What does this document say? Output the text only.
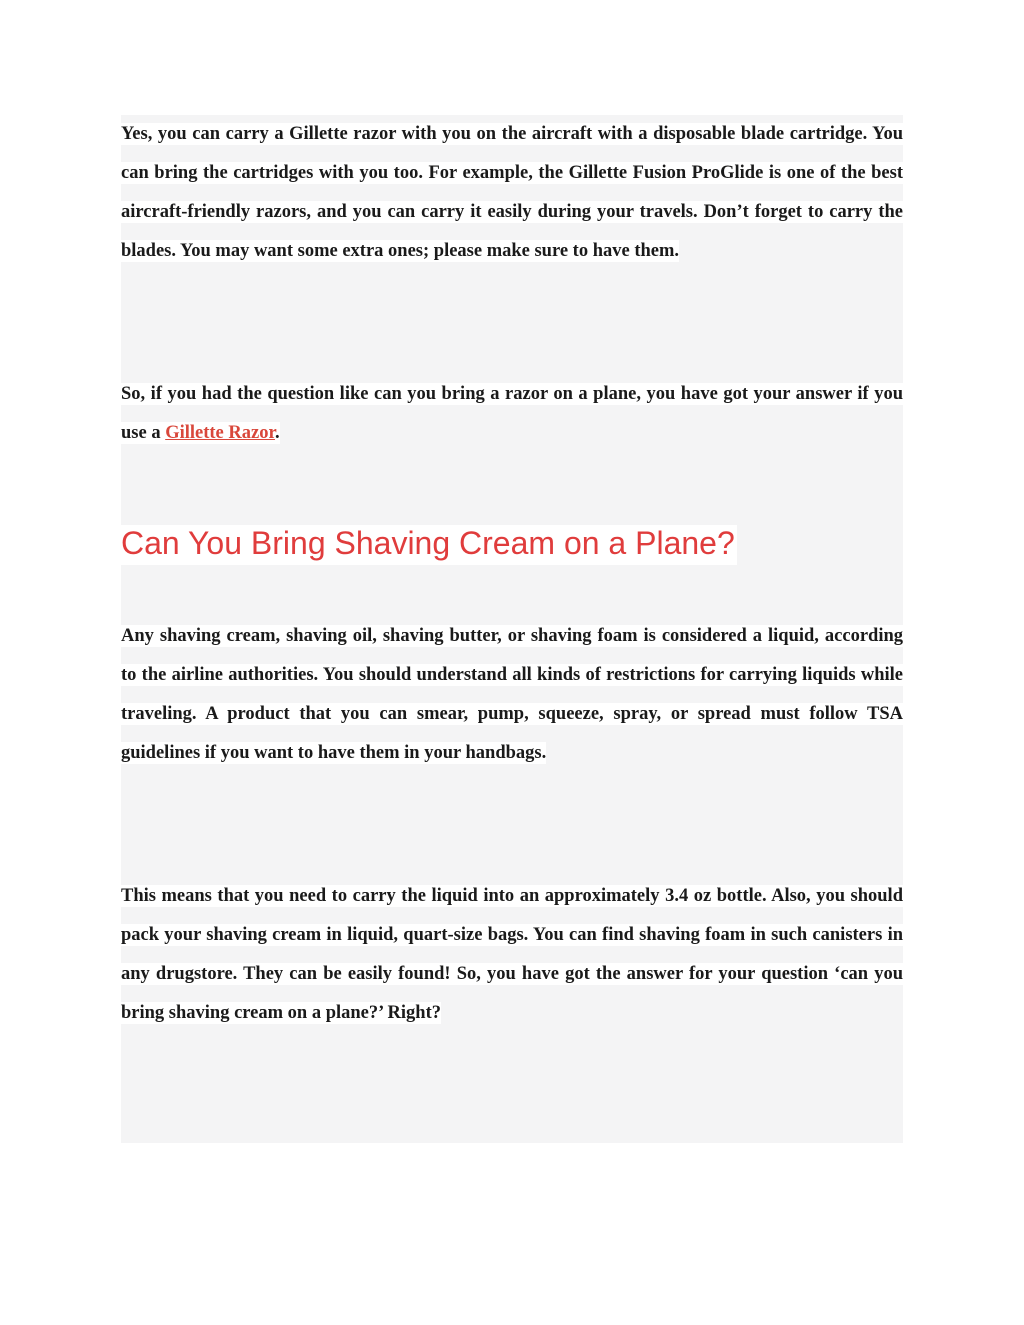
Yes, you can carry a Gillette razor with you on the aircraft with a disposable blade cartridge. You can bring the cartridges with you too. For example, the Gillette Fusion ProGlide is one of the best aircraft-friendly razors, and you can carry it easily during your travels. Don’t forget to carry the blades. You may want some extra ones; please make sure to have them.

So, if you had the question like can you bring a razor on a plane, you have got your answer if you use a Gillette Razor.

Can You Bring Shaving Cream on a Plane?

Any shaving cream, shaving oil, shaving butter, or shaving foam is considered a liquid, according to the airline authorities. You should understand all kinds of restrictions for carrying liquids while traveling. A product that you can smear, pump, squeeze, spray, or spread must follow TSA guidelines if you want to have them in your handbags.

This means that you need to carry the liquid into an approximately 3.4 oz bottle. Also, you should pack your shaving cream in liquid, quart-size bags. You can find shaving foam in such canisters in any drugstore. They can be easily found! So, you have got the answer for your question ‘can you bring shaving cream on a plane?’ Right?
